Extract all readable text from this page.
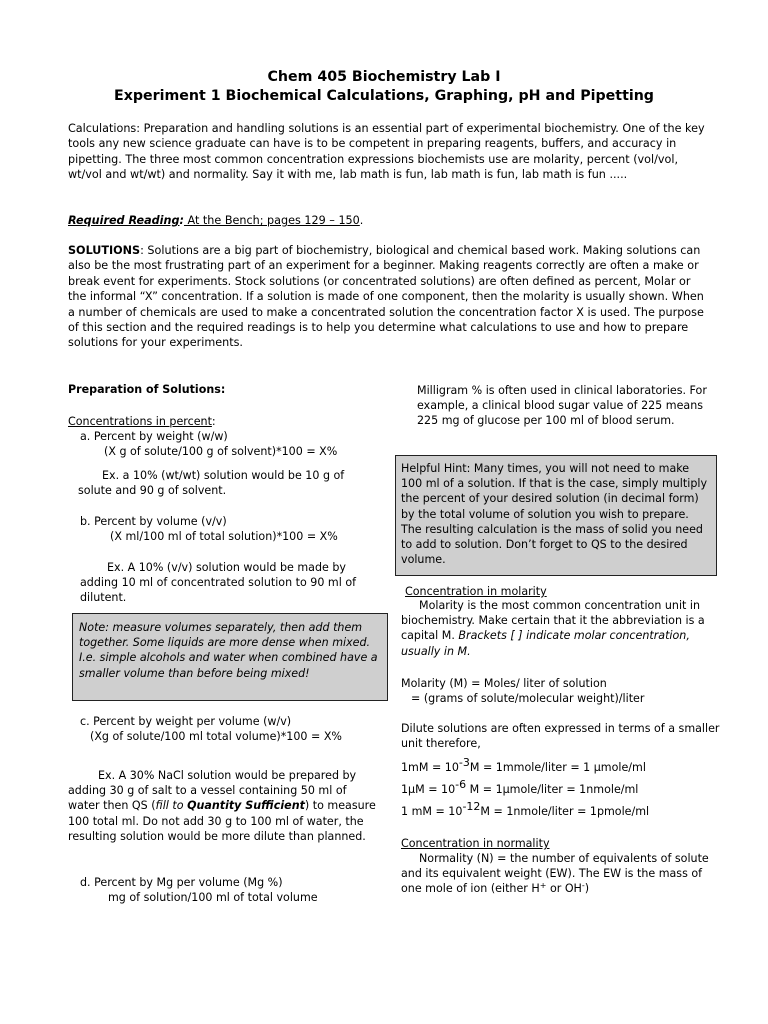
Chem 405 Biochemistry Lab I
Experiment 1 Biochemical Calculations, Graphing, pH and Pipetting
Calculations: Preparation and handling solutions is an essential part of experimental biochemistry. One of the key tools any new science graduate can have is to be competent in preparing reagents, buffers, and accuracy in pipetting. The three most common concentration expressions biochemists use are molarity, percent (vol/vol, wt/vol and wt/wt) and normality. Say it with me, lab math is fun, lab math is fun, lab math is fun .....
Required Reading: At the Bench; pages 129 – 150.
SOLUTIONS: Solutions are a big part of biochemistry, biological and chemical based work. Making solutions can also be the most frustrating part of an experiment for a beginner. Making reagents correctly are often a make or break event for experiments. Stock solutions (or concentrated solutions) are often defined as percent, Molar or the informal “X” concentration. If a solution is made of one component, then the molarity is usually shown. When a number of chemicals are used to make a concentrated solution the concentration factor X is used. The purpose of this section and the required readings is to help you determine what calculations to use and how to prepare solutions for your experiments.
Preparation of Solutions:
Concentrations in percent:
a. Percent by weight (w/w)
(X g of solute/100 g of solvent)*100 = X%
Ex. a 10% (wt/wt) solution would be 10 g of solute and 90 g of solvent.
b. Percent by volume (v/v)
(X ml/100 ml of total solution)*100 = X%
Ex. A 10% (v/v) solution would be made by adding 10 ml of concentrated solution to 90 ml of dilutent.
Note: measure volumes separately, then add them together. Some liquids are more dense when mixed. I.e. simple alcohols and water when combined have a smaller volume than before being mixed!
c. Percent by weight per volume (w/v)
(Xg of solute/100 ml total volume)*100 = X%
Ex. A 30% NaCl solution would be prepared by adding 30 g of salt to a vessel containing 50 ml of water then QS (fill to Quantity Sufficient) to measure 100 total ml. Do not add 30 g to 100 ml of water, the resulting solution would be more dilute than planned.
d. Percent by Mg per volume (Mg %)
mg of solution/100 ml of total volume
Milligram % is often used in clinical laboratories. For example, a clinical blood sugar value of 225 means 225 mg of glucose per 100 ml of blood serum.
Helpful Hint: Many times, you will not need to make 100 ml of a solution. If that is the case, simply multiply the percent of your desired solution (in decimal form) by the total volume of solution you wish to prepare. The resulting calculation is the mass of solid you need to add to solution. Don’t forget to QS to the desired volume.
Concentration in molarity
Molarity is the most common concentration unit in biochemistry. Make certain that it the abbreviation is a capital M. Brackets [ ] indicate molar concentration, usually in M.
Molarity (M) = Moles/ liter of solution
= (grams of solute/molecular weight)/liter
Dilute solutions are often expressed in terms of a smaller unit therefore,
1mM = 10-3M = 1mmole/liter = 1 µmole/ml
1µM = 10-6 M = 1µmole/liter = 1nmole/ml
1 mM = 10-12M = 1nmole/liter = 1pmole/ml
Concentration in normality
Normality (N) = the number of equivalents of solute and its equivalent weight (EW). The EW is the mass of one mole of ion (either H+ or OH-)
